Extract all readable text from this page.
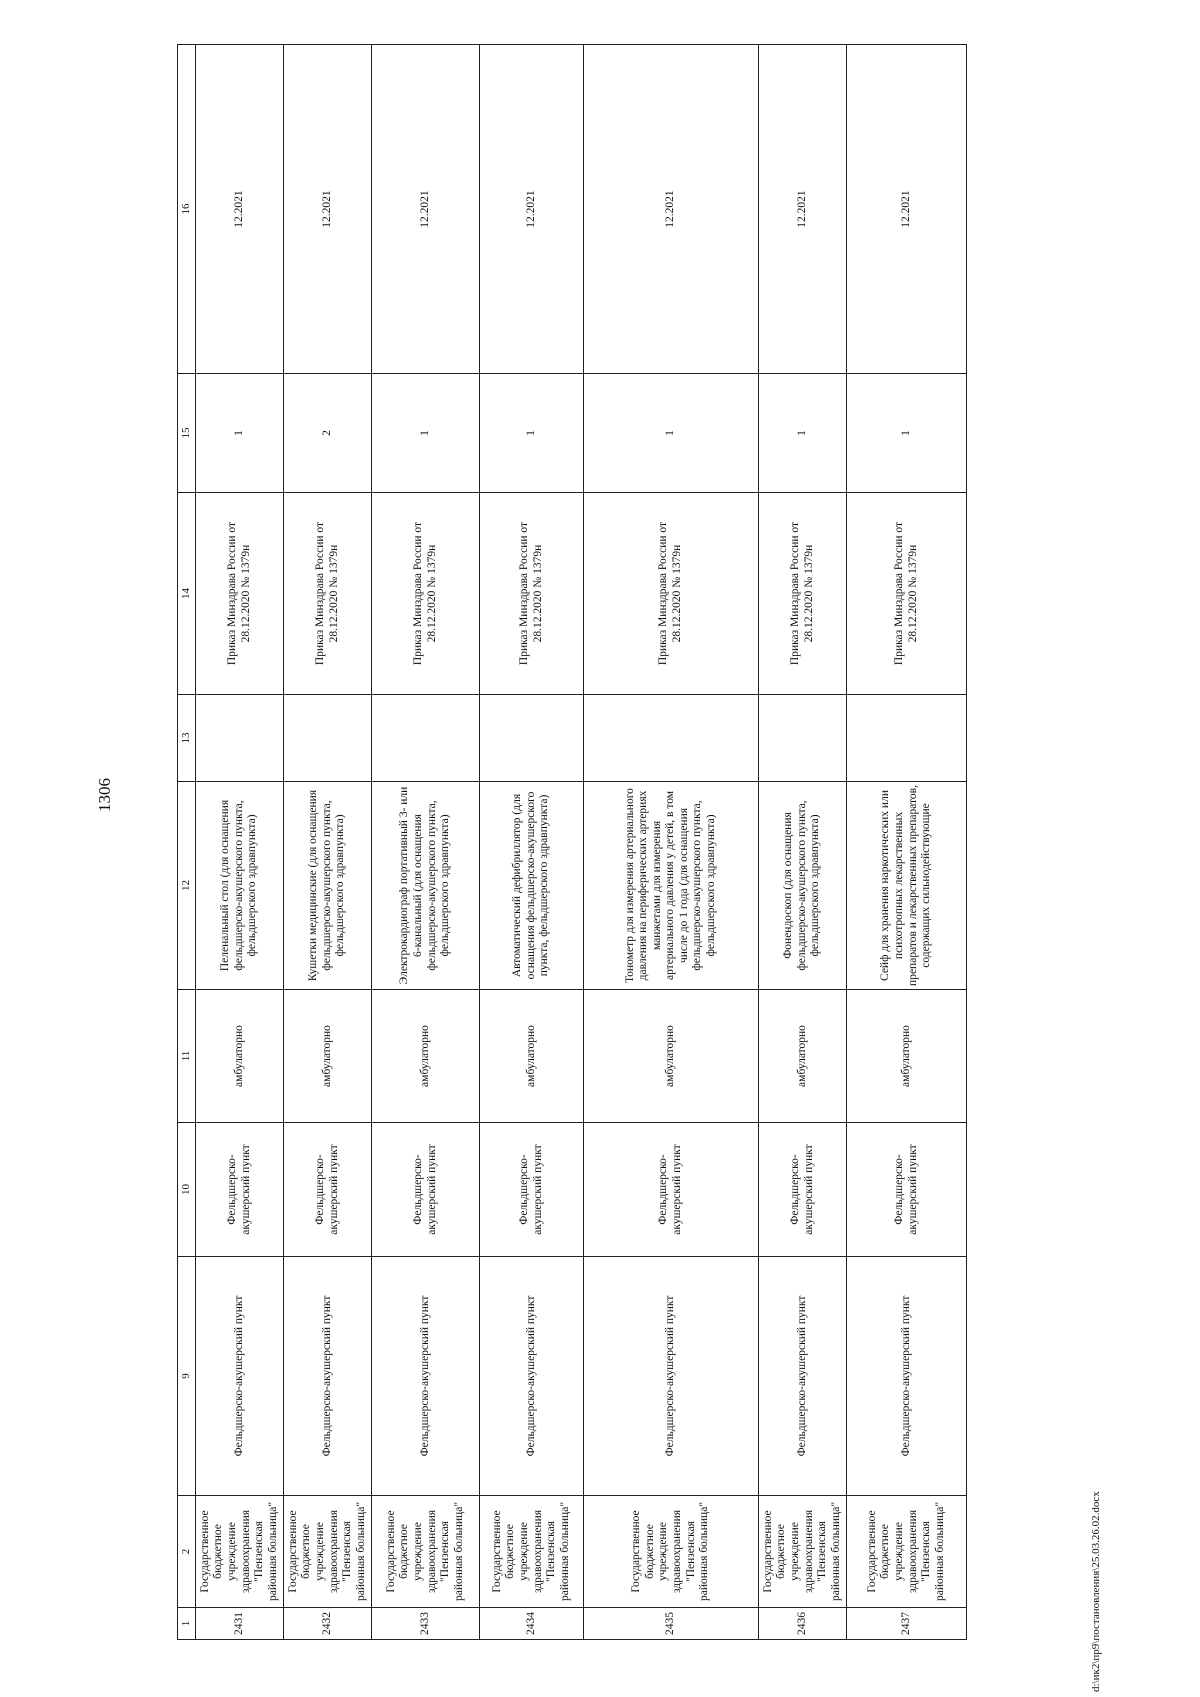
1306
1	2	9	10	11	12	13	14	15	16
2431	Государственное бюджетное учреждение здравоохранения "Пензенская районная больница"	Фельдшерско-акушерский пункт	Фельдшерско-акушерский пункт	амбулаторно	Пеленальный стол (для оснащения фельдшерско-акушерского пункта, фельдшерского здравпункта)		Приказ Минздрава России от 28.12.2020 № 1379н	1	12.2021
2432	Государственное бюджетное учреждение здравоохранения "Пензенская районная больница"	Фельдшерско-акушерский пункт	Фельдшерско-акушерский пункт	амбулаторно	Кушетки медицинские (для оснащения фельдшерско-акушерского пункта, фельдшерского здравпункта)		Приказ Минздрава России от 28.12.2020 № 1379н	2	12.2021
2433	Государственное бюджетное учреждение здравоохранения "Пензенская районная больница"	Фельдшерско-акушерский пункт	Фельдшерско-акушерский пункт	амбулаторно	Электрокардиограф портативный 3- или 6-канальный (для оснащения фельдшерско-акушерского пункта, фельдшерского здравпункта)		Приказ Минздрава России от 28.12.2020 № 1379н	1	12.2021
2434	Государственное бюджетное учреждение здравоохранения "Пензенская районная больница"	Фельдшерско-акушерский пункт	Фельдшерско-акушерский пункт	амбулаторно	Автоматический дефибриллятор (для оснащения фельдшерско-акушерского пункта, фельдшерского здравпункта)		Приказ Минздрава России от 28.12.2020 № 1379н	1	12.2021
2435	Государственное бюджетное учреждение здравоохранения "Пензенская районная больница"	Фельдшерско-акушерский пункт	Фельдшерско-акушерский пункт	амбулаторно	Тонометр для измерения артериального давления на периферических артериях манжетами для измерения артериального давления у детей, в том числе до 1 года (для оснащения фельдшерско-акушерского пункта, фельдшерского здравпункта)		Приказ Минздрава России от 28.12.2020 № 1379н	1	12.2021
2436	Государственное бюджетное учреждение здравоохранения "Пензенская районная больница"	Фельдшерско-акушерский пункт	Фельдшерско-акушерский пункт	амбулаторно	Фонендоскоп (для оснащения фельдшерско-акушерского пункта, фельдшерского здравпункта)		Приказ Минздрава России от 28.12.2020 № 1379н	1	12.2021
2437	Государственное бюджетное учреждение здравоохранения "Пензенская районная больница"	Фельдшерско-акушерский пункт	Фельдшерско-акушерский пункт	амбулаторно	Сейф для хранения наркотических или психотропных лекарственных препаратов и лекарственных препаратов, содержащих сильнодействующие		Приказ Минздрава России от 28.12.2020 № 1379н	1	12.2021
d:\ик2\пр9\постановления\25.03.26.02.docx
